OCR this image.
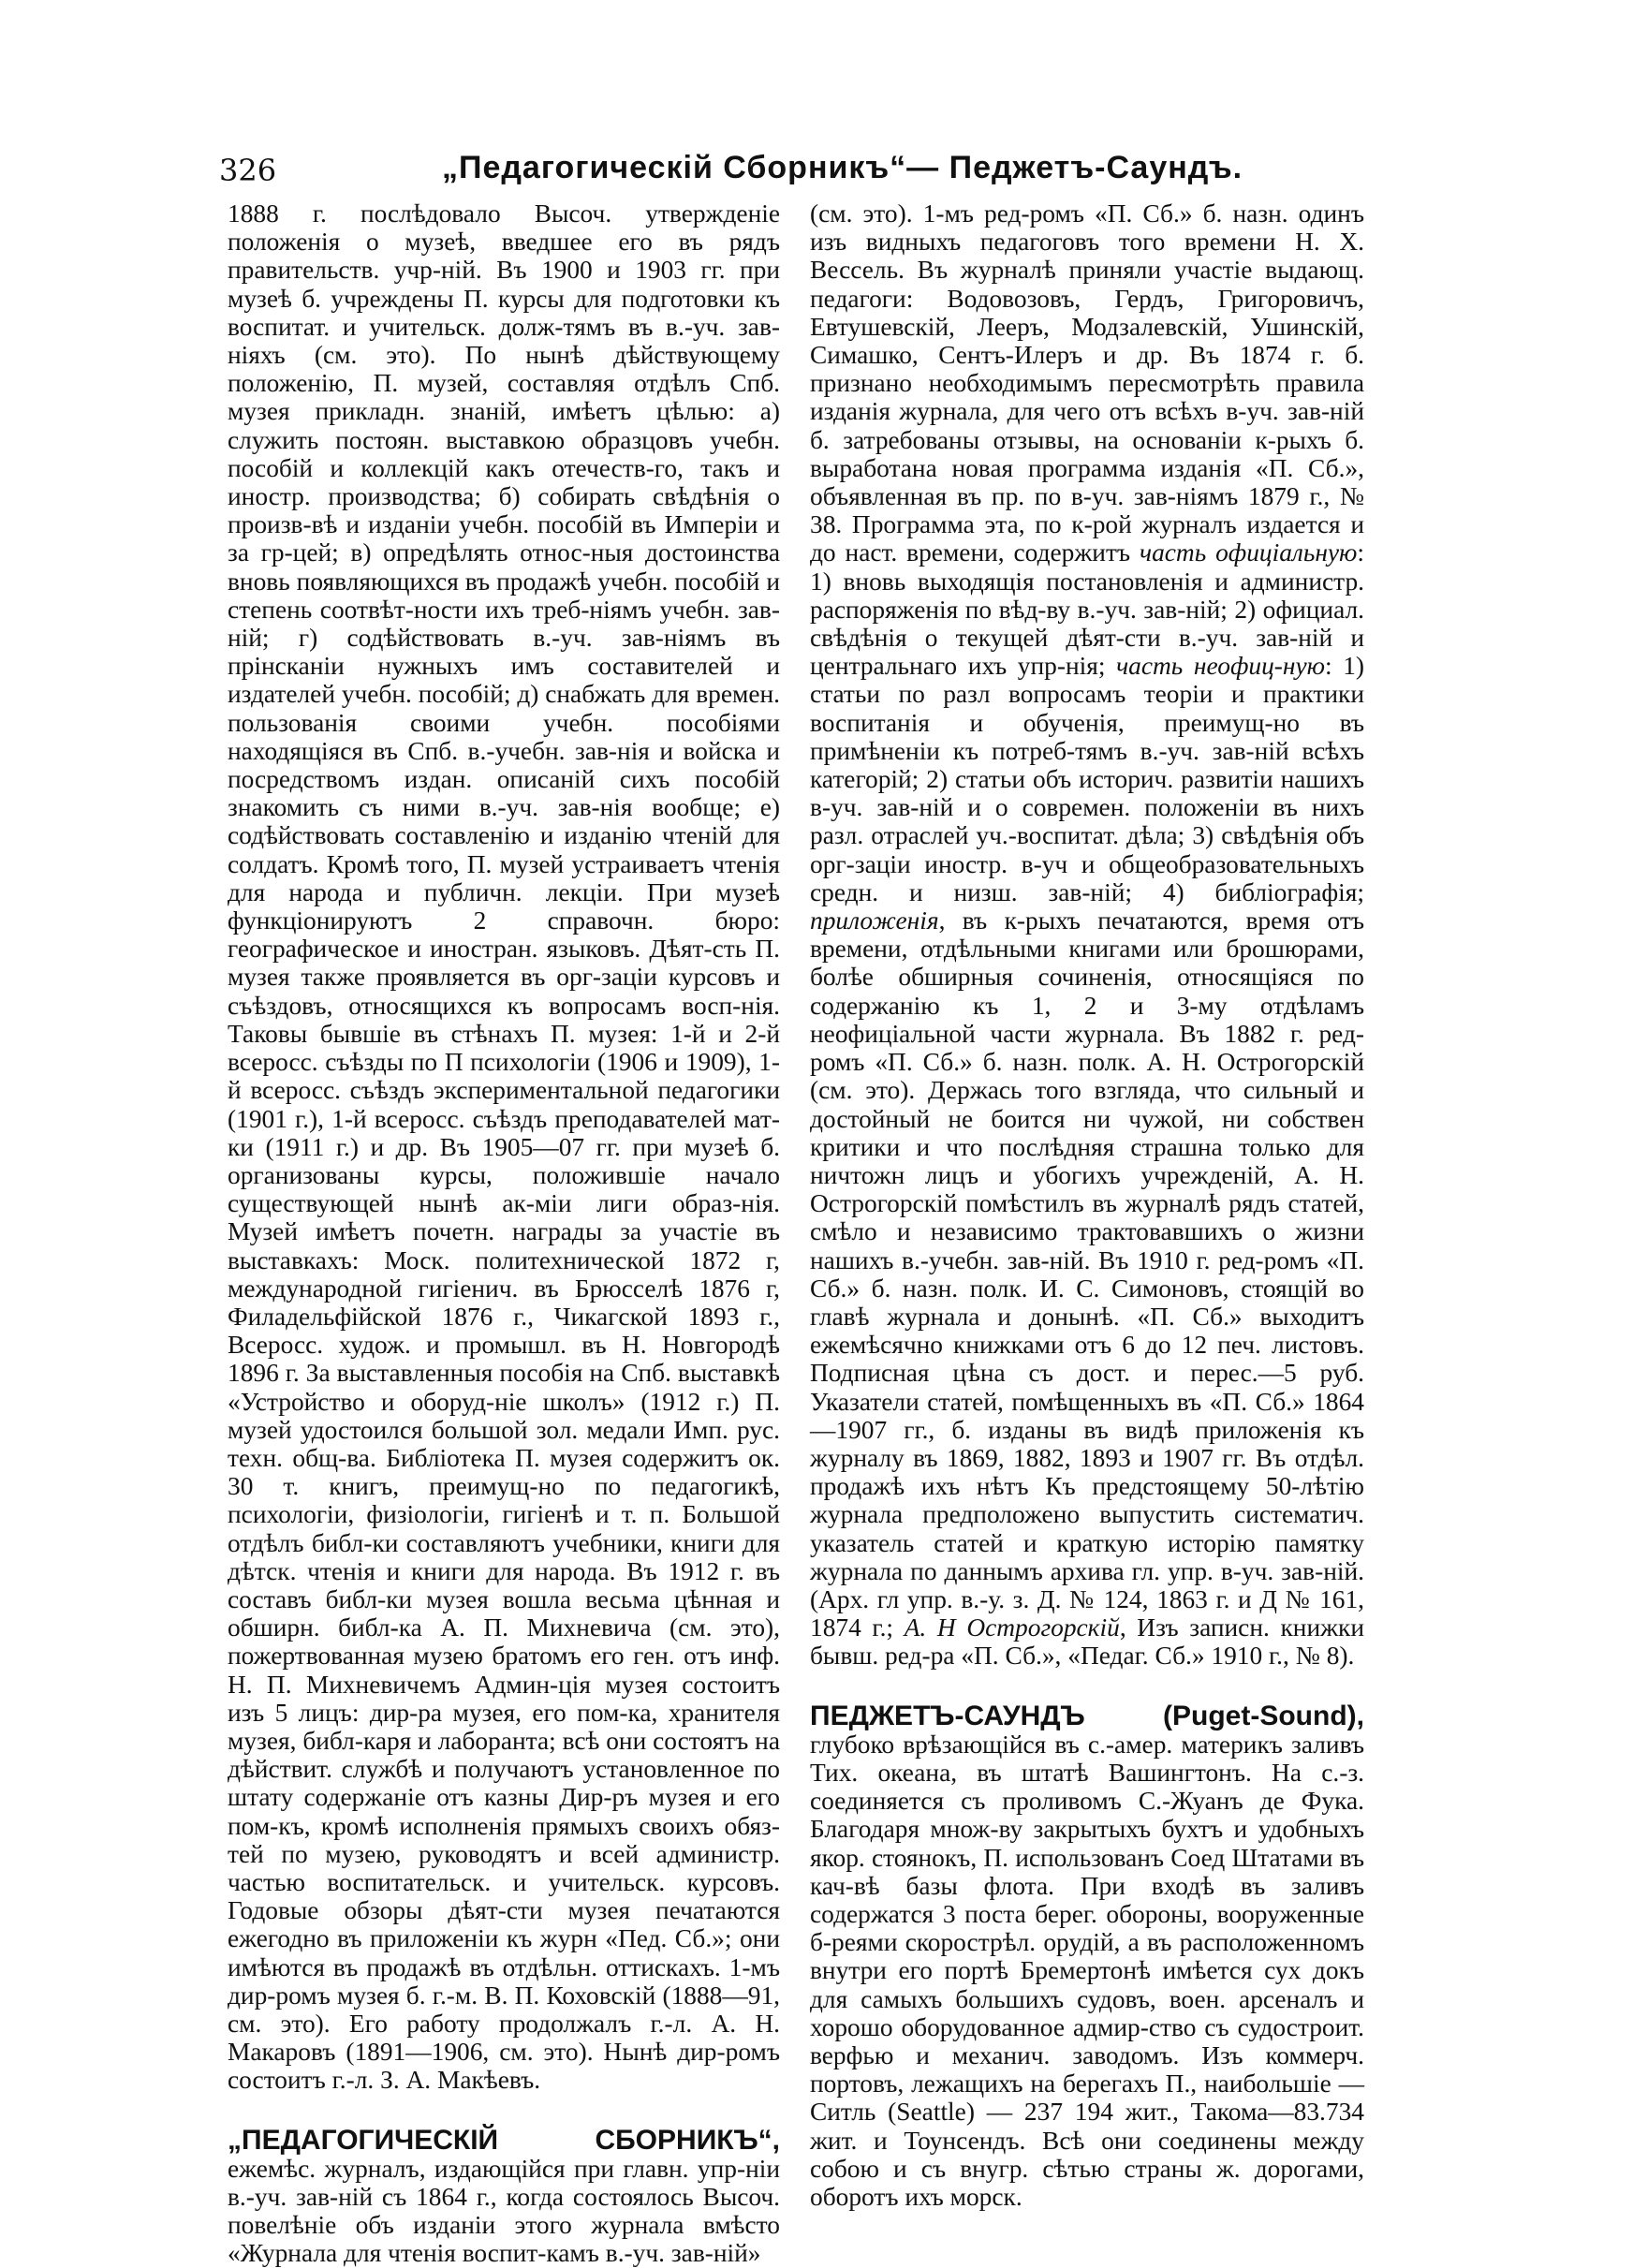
326	„Педагогическій Сборникъ“— Педжетъ-Саундъ.

1888 г. послѣдовало Высоч. утвержденіе положенія о музеѣ, введшее его въ рядъ правительств. учр-ній. Въ 1900 и 1903 гг. при музеѣ б. учреждены П. курсы для подготовки къ воспитат. и учительск. долж-тямъ въ в.-уч. зав-ніяхъ (см. это). По нынѣ дѣйствующему положенію, П. музей, составляя отдѣлъ Спб. музея прикладн. знаній, имѣетъ цѣлью: а) служить постоян. выставкою образцовъ учебн. пособій и коллекцій какъ отечеств-го, такъ и иностр. производства; б) собирать свѣдѣнія о произв-вѣ и изданіи учебн. пособій въ Имперіи и за гр-цей; в) опредѣлять относ-ныя достоинства вновь появляющихся въ продажѣ учебн. пособій и степень соотвѣт-ности ихъ треб-ніямъ учебн. зав-ній; г) содѣйствовать в.-уч. зав-ніямъ въ прінсканіи нужныхъ имъ составителей и издателей учебн. пособій; д) снабжать для времен. пользованія своими учебн. пособіями находящіяся въ Спб. в.-учебн. зав-нія и войска и посредствомъ издан. описаній сихъ пособій знакомить съ ними в.-уч. зав-нія вообще; е) содѣйствовать составленію и изданію чтеній для солдатъ. Кромѣ того, П. музей устраиваетъ чтенія для народа и публичн. лекціи. При музеѣ функціонируютъ 2 справочн. бюро: географическое и иностран. языковъ. Дѣят-сть П. музея также проявляется въ орг-заціи курсовъ и съѣздовъ, относящихся къ вопросамъ восп-нія. Таковы бывшіе въ стѣнахъ П. музея: 1-й и 2-й всеросс. съѣзды по П психологіи (1906 и 1909), 1-й всеросс. съѣздъ экспериментальной педагогики (1901 г.), 1-й всеросс. съѣздъ преподавателей мат-ки (1911 г.) и др. Въ 1905—07 гг. при музеѣ б. организованы курсы, положившіе начало существующей нынѣ ак-міи лиги образ-нія. Музей имѣетъ почетн. награды за участіе въ выставкахъ: Моск. политехнической 1872 г, международной гигіенич. въ Брюсселѣ 1876 г, Филадельфійской 1876 г., Чикагской 1893 г., Всеросс. худож. и промышл. въ Н. Новгородѣ 1896 г. За выставленныя пособія на Спб. выставкѣ «Устройство и оборуд-ніе школъ» (1912 г.) П. музей удостоился большой зол. медали Имп. рус. техн. общ-ва. Библіотека П. музея содержитъ ок. 30 т. книгъ, преимущ-но по педагогикѣ, психологіи, физіологіи, гигіенѣ и т. п. Большой отдѣлъ библ-ки составляютъ учебники, книги для дѣтск. чтенія и книги для народа. Въ 1912 г. въ составъ библ-ки музея вошла весьма цѣнная и обширн. библ-ка А. П. Михневича (см. это), пожертвованная музею братомъ его ген. отъ инф. Н. П. Михневичемъ Админ-ція музея состоитъ изъ 5 лицъ: дир-ра музея, его пом-ка, хранителя музея, библ-каря и лаборанта; всѣ они состоятъ на дѣйствит. службѣ и получаютъ установленное по штату содержаніе отъ казны Дир-ръ музея и его пом-къ, кромѣ исполненія прямыхъ своихъ обяз-тей по музею, руководятъ и всей администр. частью воспитательск. и учительск. курсовъ. Годовые обзоры дѣят-сти музея печатаются ежегодно въ приложеніи къ журн «Пед. Сб.»; они имѣются въ продажѣ въ отдѣльн. оттискахъ. 1-мъ дир-ромъ музея б. г.-м. В. П. Коховскій (1888—91, см. это). Его работу продолжалъ г.-л. А. Н. Макаровъ (1891—1906, см. это). Нынѣ дир-ромъ состоитъ г.-л. З. А. Макѣевъ.

„ПЕДАГОГИЧЕСКІЙ СБОРНИКЪ“, ежемѣс. журналъ, издающійся при главн. упр-ніи в.-уч. зав-ній съ 1864 г., когда состоялось Высоч. повелѣніе объ изданіи этого журнала вмѣсто «Журнала для чтенія воспит-камъ в.-уч. зав-ній»

(см. это). 1-мъ ред-ромъ «П. Сб.» б. назн. одинъ изъ видныхъ педагоговъ того времени Н. Х. Вессель. Въ журналѣ приняли участіе выдающ. педагоги: Водовозовъ, Гердъ, Григоровичъ, Евтушевскій, Лееръ, Модзалевскій, Ушинскій, Симашко, Сентъ-Илеръ и др. Въ 1874 г. б. признано необходимымъ пересмотрѣть правила изданія журнала, для чего отъ всѣхъ в-уч. зав-ній б. затребованы отзывы, на основаніи к-рыхъ б. выработана новая программа изданія «П. Сб.», объявленная въ пр. по в-уч. зав-ніямъ 1879 г., № 38. Программа эта, по к-рой журналъ издается и до наст. времени, содержитъ часть офиціальную: 1) вновь выходящія постановленія и администр. распоряженія по вѣд-ву в.-уч. зав-ній; 2) официал. свѣдѣнія о текущей дѣят-сти в.-уч. зав-ній и центральнаго ихъ упр-нія; часть неофиц-ную: 1) статьи по разл вопросамъ теоріи и практики воспитанія и обученія, преимущ-но въ примѣненіи къ потреб-тямъ в.-уч. зав-ній всѣхъ категорій; 2) статьи объ историч. развитіи нашихъ в-уч. зав-ній и о современ. положеніи въ нихъ разл. отраслей уч.-воспитат. дѣла; 3) свѣдѣнія объ орг-заціи иностр. в-уч и общеобразовательныхъ средн. и низш. зав-ній; 4) библіографія; приложенія, въ к-рыхъ печатаются, время отъ времени, отдѣльными книгами или брошюрами, болѣе обширныя сочиненія, относящіяся по содержанію къ 1, 2 и 3-му отдѣламъ неофиціальной части журнала. Въ 1882 г. ред-ромъ «П. Сб.» б. назн. полк. А. Н. Острогорскій (см. это). Держась того взгляда, что сильный и достойный не боится ни чужой, ни собствен критики и что послѣдняя страшна только для ничтожн лицъ и убогихъ учрежденій, А. Н. Острогорскій помѣстилъ въ журналѣ рядъ статей, смѣло и независимо трактовавшихъ о жизни нашихъ в.-учебн. зав-ній. Въ 1910 г. ред-ромъ «П. Сб.» б. назн. полк. И. С. Симоновъ, стоящій во главѣ журнала и донынѣ. «П. Сб.» выходитъ ежемѣсячно книжками отъ 6 до 12 печ. листовъ. Подписная цѣна съ дост. и перес.—5 руб. Указатели статей, помѣщенныхъ въ «П. Сб.» 1864—1907 гг., б. изданы въ видѣ приложенія къ журналу въ 1869, 1882, 1893 и 1907 гг. Въ отдѣл. продажѣ ихъ нѣтъ Къ предстоящему 50-лѣтію журнала предположено выпустить систематич. указатель статей и краткую исторію памятку журнала по даннымъ архива гл. упр. в-уч. зав-ній. (Арх. гл упр. в.-у. з. Д. № 124, 1863 г. и Д № 161, 1874 г.; А. Н Острогорскій, Изъ записн. книжки бывш. ред-ра «П. Сб.», «Педаг. Сб.» 1910 г., № 8).

ПЕДЖЕТЪ-САУНДЪ (Puget-Sound), глубоко врѣзающійся въ с.-амер. материкъ заливъ Тих. океана, въ штатѣ Вашингтонъ. На с.-з. соединяется съ проливомъ С.-Жуанъ де Фука. Благодаря множ-ву закрытыхъ бухтъ и удобныхъ якор. стоянокъ, П. использованъ Соед Штатами въ кач-вѣ базы флота. При входѣ въ заливъ содержатся 3 поста берег. обороны, вооруженные б-реями скорострѣл. орудій, а въ расположенномъ внутри его портѣ Бремертонѣ имѣется сух докъ для самыхъ большихъ судовъ, воен. арсеналъ и хорошо оборудованное адмир-ство съ судостроит. верфью и механич. заводомъ. Изъ коммерч. портовъ, лежащихъ на берегахъ П., наибольшіе — Ситль (Seattle) — 237 194 жит., Такома—83.734 жит. и Тоунсендъ. Всѣ они соединены между собою и съ внугр. сѣтью страны ж. дорогами, оборотъ ихъ морск.
